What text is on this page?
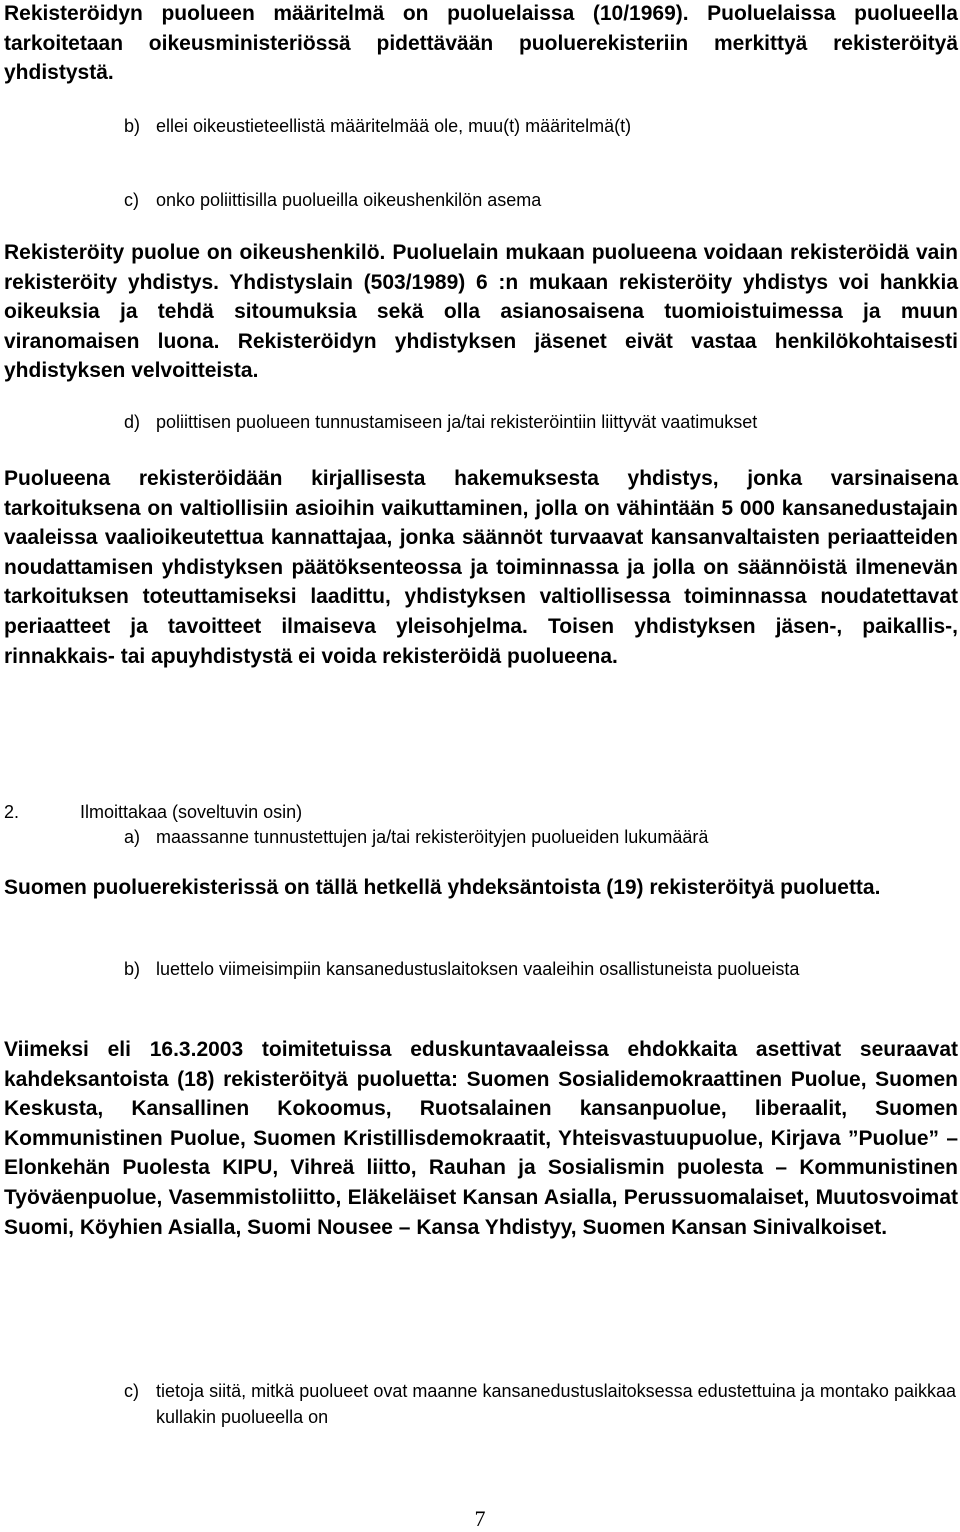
Rekisteröidyn puolueen määritelmä on puoluelaissa (10/1969). Puoluelaissa puolueella tarkoitetaan oikeusministeriössä pidettävään puoluerekisteriin merkittyä rekisteröityä yhdistystä.

b) ellei oikeustieteellistä määritelmää ole, muu(t) määritelmä(t)
c) onko poliittisilla puolueilla oikeushenkilön asema

Rekisteröity puolue on oikeushenkilö. Puoluelain mukaan puolueena voidaan rekisteröidä vain rekisteröity yhdistys. Yhdistyslain (503/1989) 6 :n mukaan rekisteröity yhdistys voi hankkia oikeuksia ja tehdä sitoumuksia sekä olla asianosaisena tuomioistuimessa ja muun viranomaisen luona. Rekisteröidyn yhdistyksen jäsenet eivät vastaa henkilökohtaisesti yhdistyksen velvoitteista.

d) poliittisen puolueen tunnustamiseen ja/tai rekisteröintiin liittyvät vaatimukset

Puolueena rekisteröidään kirjallisesta hakemuksesta yhdistys, jonka varsinaisena tarkoituksena on valtiollisiin asioihin vaikuttaminen, jolla on vähintään 5 000 kansanedustajain vaaleissa vaalioikeutettua kannattajaa, jonka säännöt turvaavat kansanvaltaisten periaatteiden noudattamisen yhdistyksen päätöksenteossa ja toiminnassa ja jolla on säännöistä ilmenevän tarkoituksen toteuttamiseksi laadittu, yhdistyksen valtiollisessa toiminnassa noudatettavat periaatteet ja tavoitteet ilmaiseva yleisohjelma. Toisen yhdistyksen jäsen-, paikallis-, rinnakkais- tai apuyhdistystä ei voida rekisteröidä puolueena.

2.	Ilmoittakaa (soveltuvin osin)

a) maassanne tunnustettujen ja/tai rekisteröityjen puolueiden lukumäärä

Suomen puoluerekisterissä on tällä hetkellä yhdeksäntoista (19) rekisteröityä puoluetta.

b) luettelo viimeisimpiin kansanedustuslaitoksen vaaleihin osallistuneista puolueista

Viimeksi eli 16.3.2003 toimitetuissa eduskuntavaaleissa ehdokkaita asettivat seuraavat kahdeksantoista (18) rekisteröityä puoluetta: Suomen Sosialidemokraattinen Puolue, Suomen Keskusta, Kansallinen Kokoomus, Ruotsalainen kansanpuolue, liberaalit, Suomen Kommunistinen Puolue, Suomen Kristillisdemokraatit, Yhteisvastuupuolue, Kirjava ”Puolue” – Elonkehän Puolesta KIPU, Vihreä liitto, Rauhan ja Sosialismin puolesta – Kommunistinen Työväenpuolue, Vasemmistoliitto, Eläkeläiset Kansan Asialla, Perussuomalaiset, Muutosvoimat Suomi, Köyhien Asialla, Suomi Nousee – Kansa Yhdistyy, Suomen Kansan Sinivalkoiset.

c) tietoja siitä, mitkä puolueet ovat maanne kansanedustuslaitoksessa edustettuina ja montako paikkaa kullakin puolueella on

7
